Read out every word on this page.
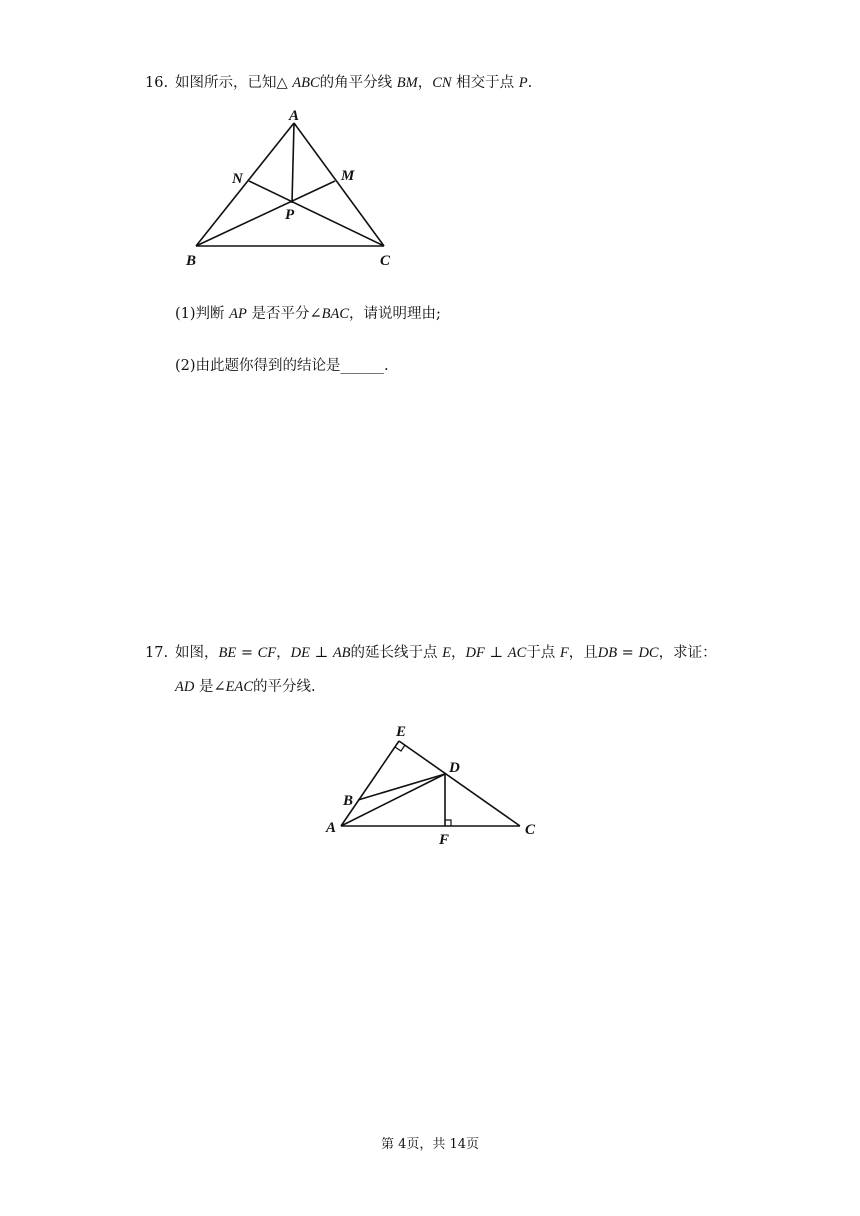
16. 如图所示，已知△ ABC的角平分线 BM，CN 相交于点 P.
A
N	M
P
B	C
(1)判断 AP 是否平分∠BAC，请说明理由;
(2)由此题你得到的结论是______.
17. 如图，BE = CF，DE ⊥ AB的延长线于点 E，DF ⊥ AC于点 F，且DB = DC，求证：
AD 是∠EAC的平分线.
E
D
B
A
F
C
第 4页，共 14页
